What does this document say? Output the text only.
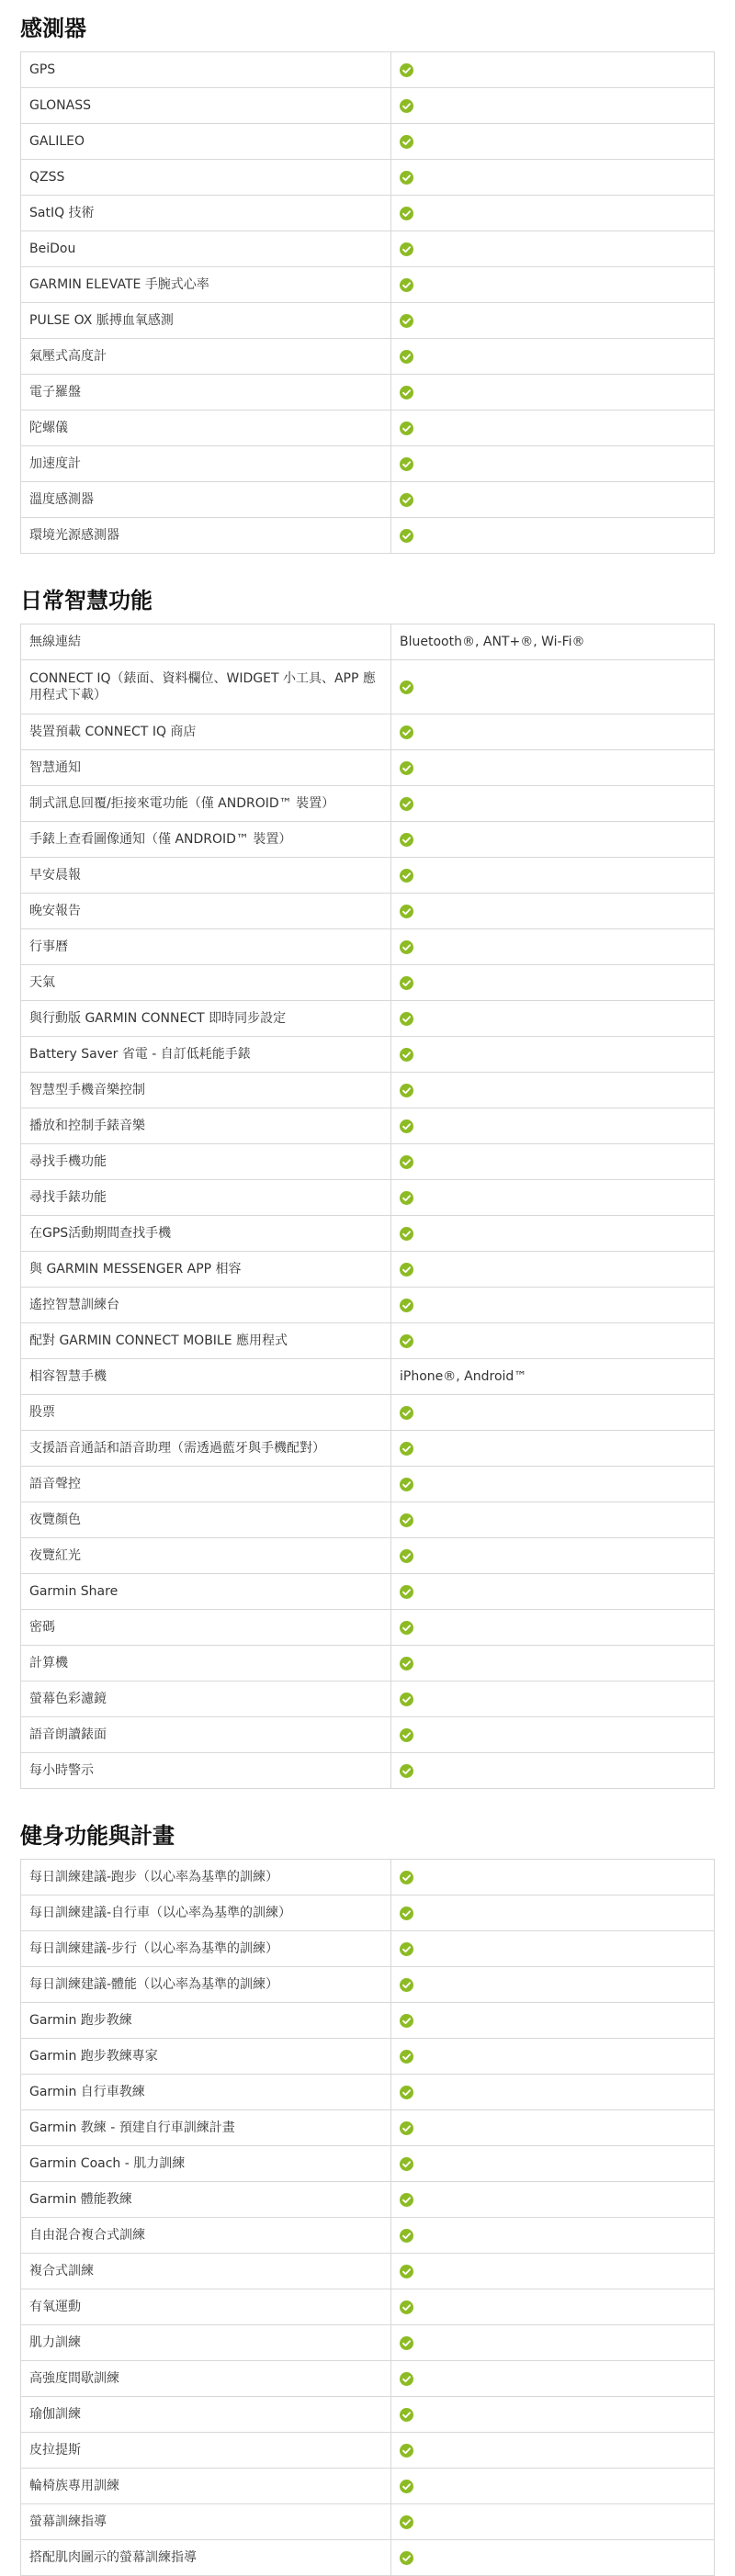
感測器
GPS	

GLONASS	

GALILEO	

QZSS	

SatIQ 技術	

BeiDou	

GARMIN ELEVATE 手腕式心率	

PULSE OX 脈搏血氧感測	

氣壓式高度計	

電子羅盤	

陀螺儀	

加速度計	

溫度感測器	

環境光源感測器	
日常智慧功能
無線連結	Bluetooth®, ANT+®, Wi-Fi®
CONNECT IQ（錶面、資料欄位、WIDGET 小工具、APP 應用程式下載）	

裝置預載 CONNECT IQ 商店	

智慧通知	

制式訊息回覆/拒接來電功能（僅 ANDROID™ 裝置）	

手錶上查看圖像通知（僅 ANDROID™ 裝置）	

早安晨報	

晚安報告	

行事曆	

天氣	

與行動版 GARMIN CONNECT 即時同步設定	

Battery Saver 省電 - 自訂低耗能手錶	

智慧型手機音樂控制	

播放和控制手錶音樂	

尋找手機功能	

尋找手錶功能	

在GPS活動期間查找手機	

與 GARMIN MESSENGER APP 相容	

遙控智慧訓練台	

配對 GARMIN CONNECT MOBILE 應用程式	

相容智慧手機	iPhone®, Android™
股票	

支援語音通話和語音助理（需透過藍牙與手機配對）	

語音聲控	

夜覽顏色	

夜覽紅光	

Garmin Share	

密碼	

計算機	

螢幕色彩濾鏡	

語音朗讀錶面	

每小時警示	
健身功能與計畫
每日訓練建議-跑步（以心率為基準的訓練）	

每日訓練建議-自行車（以心率為基準的訓練）	

每日訓練建議-步行（以心率為基準的訓練）	

每日訓練建議-體能（以心率為基準的訓練）	

Garmin 跑步教練	

Garmin 跑步教練專家	

Garmin 自行車教練	

Garmin 教練 - 預建自行車訓練計畫	

Garmin Coach - 肌力訓練	

Garmin 體能教練	

自由混合複合式訓練	

複合式訓練	

有氧運動	

肌力訓練	

高強度間歇訓練	

瑜伽訓練	

皮拉提斯	

輪椅族專用訓練	

螢幕訓練指導	

搭配肌肉圖示的螢幕訓練指導	
